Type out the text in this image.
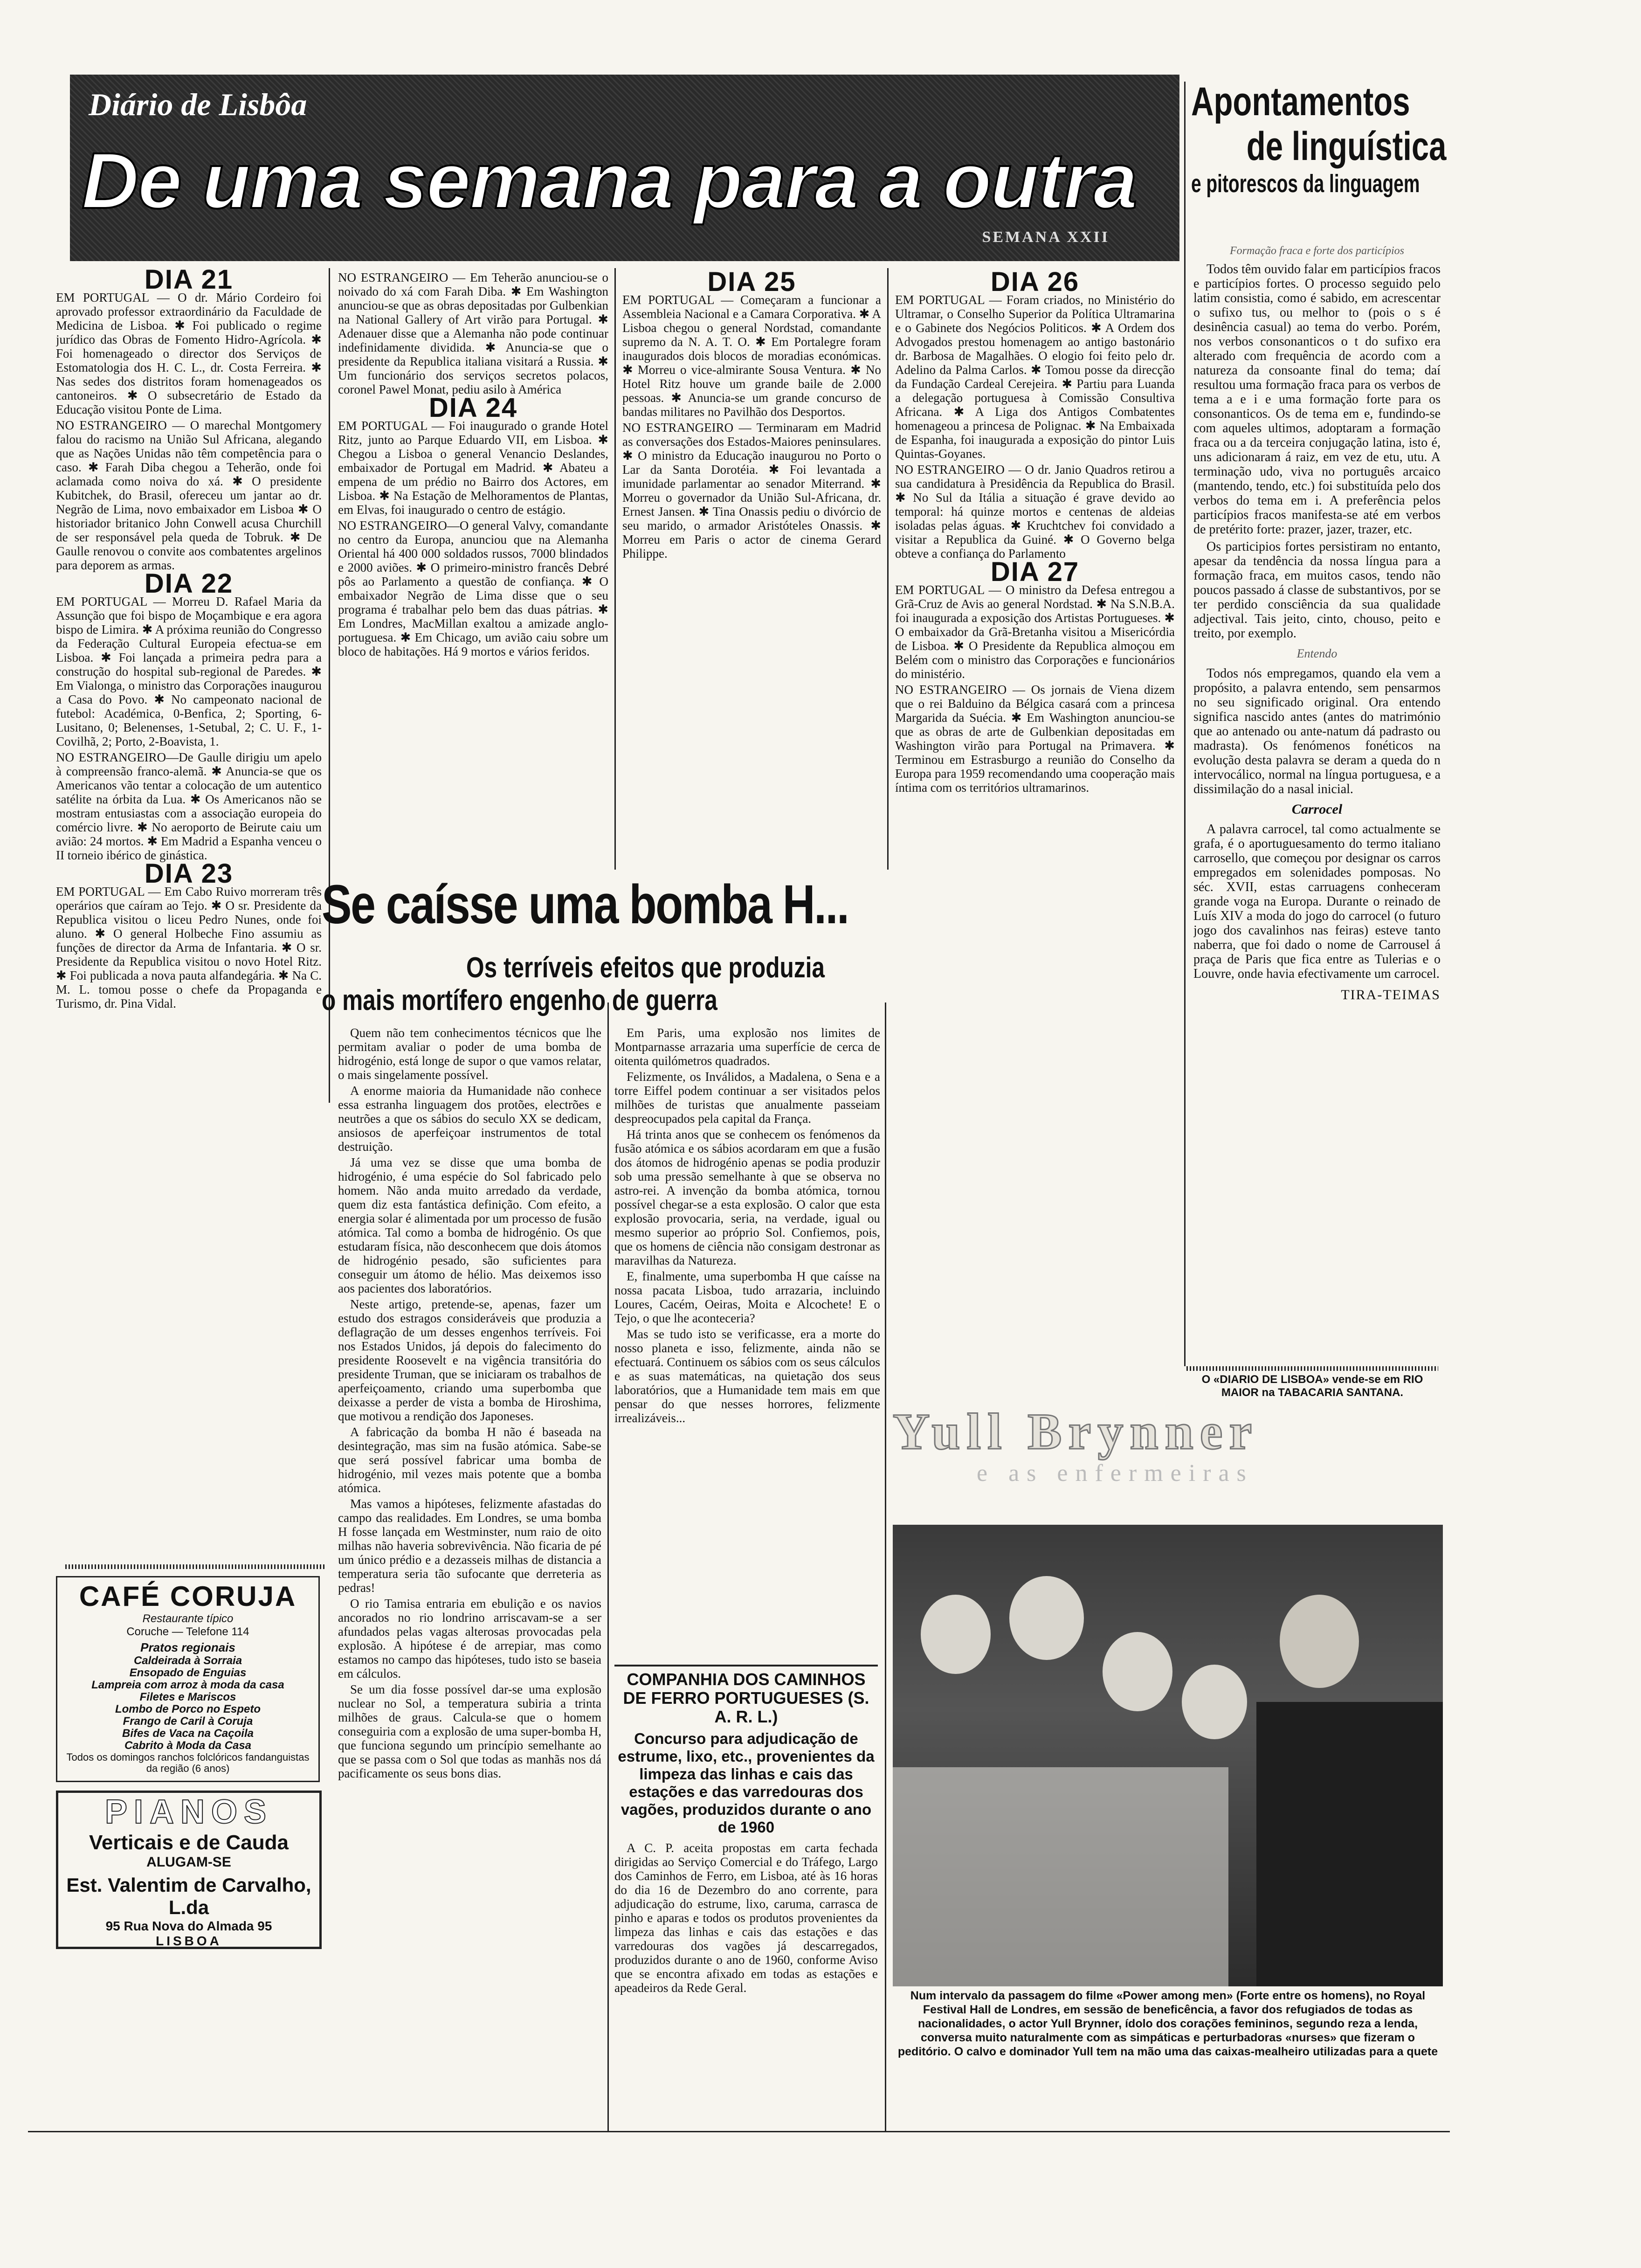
Diário de Lisbôa
De uma semana para a outra
SEMANA XXII
DIA 21

EM PORTUGAL — O dr. Mário Cordeiro foi aprovado professor extraordinário da Faculdade de Medicina de Lisboa. ✱ Foi publicado o regime jurídico das Obras de Fomento Hidro-Agrícola. ✱ Foi homenageado o director dos Serviços de Estomatologia dos H. C. L., dr. Costa Ferreira. ✱ Nas sedes dos distritos foram homenageados os cantoneiros. ✱ O subsecretário de Estado da Educação visitou Ponte de Lima.

NO ESTRANGEIRO — O marechal Montgomery falou do racismo na União Sul Africana, alegando que as Nações Unidas não têm competência para o caso. ✱ Farah Diba chegou a Teherão, onde foi aclamada como noiva do xá. ✱ O presidente Kubitchek, do Brasil, ofereceu um jantar ao dr. Negrão de Lima, novo embaixador em Lisboa ✱ O historiador britanico John Conwell acusa Churchill de ser responsável pela queda de Tobruk. ✱ De Gaulle renovou o convite aos combatentes argelinos para deporem as armas.

DIA 22

EM PORTUGAL — Morreu D. Rafael Maria da Assunção que foi bispo de Moçambique e era agora bispo de Limira. ✱ A próxima reunião do Congresso da Federação Cultural Europeia efectua-se em Lisboa. ✱ Foi lançada a primeira pedra para a construção do hospital sub-regional de Paredes. ✱ Em Vialonga, o ministro das Corporações inaugurou a Casa do Povo. ✱ No campeonato nacional de futebol: Académica, 0-Benfica, 2; Sporting, 6-Lusitano, 0; Belenenses, 1-Setubal, 2; C. U. F., 1-Covilhã, 2; Porto, 2-Boavista, 1.

NO ESTRANGEIRO—De Gaulle dirigiu um apelo à compreensão franco-alemã. ✱ Anuncia-se que os Americanos vão tentar a colocação de um autentico satélite na órbita da Lua. ✱ Os Americanos não se mostram entusiastas com a associação europeia do comércio livre. ✱ No aeroporto de Beirute caiu um avião: 24 mortos. ✱ Em Madrid a Espanha venceu o II torneio ibérico de ginástica.

DIA 23

EM PORTUGAL — Em Cabo Ruivo morreram três operários que caíram ao Tejo. ✱ O sr. Presidente da Republica visitou o liceu Pedro Nunes, onde foi aluno. ✱ O general Holbeche Fino assumiu as funções de director da Arma de Infantaria. ✱ O sr. Presidente da Republica visitou o novo Hotel Ritz. ✱ Foi publicada a nova pauta alfandegária. ✱ Na C. M. L. tomou posse o chefe da Propaganda e Turismo, dr. Pina Vidal.

CAFÉ CORUJA
Restaurante típico
Coruche — Telefone 114
Pratos regionais
Caldeirada à Sorraia
Ensopado de Enguias
Lampreia com arroz à moda da casa
Filetes e Mariscos
Lombo de Porco no Espeto
Frango de Caril à Coruja
Bifes de Vaca na Caçoila
Cabrito à Moda da Casa
Todos os domingos ranchos folclóricos fandanguistas da região (6 anos)
PIANOS
Verticais e de Cauda
ALUGAM-SE
Est. Valentim de Carvalho, L.da
95 Rua Nova do Almada 95
LISBOA

NO ESTRANGEIRO — Em Teherão anunciou-se o noivado do xá com Farah Diba. ✱ Em Washington anunciou-se que as obras depositadas por Gulbenkian na National Gallery of Art virão para Portugal. ✱ Adenauer disse que a Alemanha não pode continuar indefinidamente dividida. ✱ Anuncia-se que o presidente da Republica italiana visitará a Russia. ✱ Um funcionário dos serviços secretos polacos, coronel Pawel Monat, pediu asilo à América

DIA 24

EM PORTUGAL — Foi inaugurado o grande Hotel Ritz, junto ao Parque Eduardo VII, em Lisboa. ✱ Chegou a Lisboa o general Venancio Deslandes, embaixador de Portugal em Madrid. ✱ Abateu a empena de um prédio no Bairro dos Actores, em Lisboa. ✱ Na Estação de Melhoramentos de Plantas, em Elvas, foi inaugurado o centro de estágio.

NO ESTRANGEIRO—O general Valvy, comandante no centro da Europa, anunciou que na Alemanha Oriental há 400 000 soldados russos, 7000 blindados e 2000 aviões. ✱ O primeiro-ministro francês Debré pôs ao Parlamento a questão de confiança. ✱ O embaixador Negrão de Lima disse que o seu programa é trabalhar pelo bem das duas pátrias. ✱ Em Londres, MacMillan exaltou a amizade anglo-portuguesa. ✱ Em Chicago, um avião caiu sobre um bloco de habitações. Há 9 mortos e vários feridos.

DIA 25

EM PORTUGAL — Começaram a funcionar a Assembleia Nacional e a Camara Corporativa. ✱ A Lisboa chegou o general Nordstad, comandante supremo da N. A. T. O. ✱ Em Portalegre foram inaugurados dois blocos de moradias económicas. ✱ Morreu o vice-almirante Sousa Ventura. ✱ No Hotel Ritz houve um grande baile de 2.000 pessoas. ✱ Anuncia-se um grande concurso de bandas militares no Pavilhão dos Desportos.

NO ESTRANGEIRO — Terminaram em Madrid as conversações dos Estados-Maiores peninsulares. ✱ O ministro da Educação inaugurou no Porto o Lar da Santa Dorotéia. ✱ Foi levantada a imunidade parlamentar ao senador Miterrand. ✱ Morreu o governador da União Sul-Africana, dr. Ernest Jansen. ✱ Tina Onassis pediu o divórcio de seu marido, o armador Aristóteles Onassis. ✱ Morreu em Paris o actor de cinema Gerard Philippe.

DIA 26

EM PORTUGAL — Foram criados, no Ministério do Ultramar, o Conselho Superior da Política Ultramarina e o Gabinete dos Negócios Politicos. ✱ A Ordem dos Advogados prestou homenagem ao antigo bastonário dr. Barbosa de Magalhães. O elogio foi feito pelo dr. Adelino da Palma Carlos. ✱ Tomou posse da direcção da Fundação Cardeal Cerejeira. ✱ Partiu para Luanda a delegação portuguesa à Comissão Consultiva Africana. ✱ A Liga dos Antigos Combatentes homenageou a princesa de Polignac. ✱ Na Embaixada de Espanha, foi inaugurada a exposição do pintor Luis Quintas-Goyanes.

NO ESTRANGEIRO — O dr. Janio Quadros retirou a sua candidatura à Presidência da Republica do Brasil. ✱ No Sul da Itália a situação é grave devido ao temporal: há quinze mortos e centenas de aldeias isoladas pelas águas. ✱ Kruchtchev foi convidado a visitar a Republica da Guiné. ✱ O Governo belga obteve a confiança do Parlamento

DIA 27

EM PORTUGAL — O ministro da Defesa entregou a Grã-Cruz de Avis ao general Nordstad. ✱ Na S.N.B.A. foi inaugurada a exposição dos Artistas Portugueses. ✱ O embaixador da Grã-Bretanha visitou a Misericórdia de Lisboa. ✱ O Presidente da Republica almoçou em Belém com o ministro das Corporações e funcionários do ministério.

NO ESTRANGEIRO — Os jornais de Viena dizem que o rei Balduino da Bélgica casará com a princesa Margarida da Suécia. ✱ Em Washington anunciou-se que as obras de arte de Gulbenkian depositadas em Washington virão para Portugal na Primavera. ✱ Terminou em Estrasburgo a reunião do Conselho da Europa para 1959 recomendando uma cooperação mais íntima com os territórios ultramarinos.

Se caísse uma bomba H...
Os terríveis efeitos que produzia
o mais mortífero engenho de guerra

Quem não tem conhecimentos técnicos que lhe permitam avaliar o poder de uma bomba de hidrogénio, está longe de supor o que vamos relatar, o mais singelamente possível.

A enorme maioria da Humanidade não conhece essa estranha linguagem dos protões, electrões e neutrões a que os sábios do seculo XX se dedicam, ansiosos de aperfeiçoar instrumentos de total destruição.

Já uma vez se disse que uma bomba de hidrogénio, é uma espécie do Sol fabricado pelo homem. Não anda muito arredado da verdade, quem diz esta fantástica definição. Com efeito, a energia solar é alimentada por um processo de fusão atómica. Tal como a bomba de hidrogénio. Os que estudaram física, não desconhecem que dois átomos de hidrogénio pesado, são suficientes para conseguir um átomo de hélio. Mas deixemos isso aos pacientes dos laboratórios.

Neste artigo, pretende-se, apenas, fazer um estudo dos estragos consideráveis que produzia a deflagração de um desses engenhos terríveis. Foi nos Estados Unidos, já depois do falecimento do presidente Roosevelt e na vigência transitória do presidente Truman, que se iniciaram os trabalhos de aperfeiçoamento, criando uma superbomba que deixasse a perder de vista a bomba de Hiroshima, que motivou a rendição dos Japoneses.

A fabricação da bomba H não é baseada na desintegração, mas sim na fusão atómica. Sabe-se que será possível fabricar uma bomba de hidrogénio, mil vezes mais potente que a bomba atómica.

Mas vamos a hipóteses, felizmente afastadas do campo das realidades. Em Londres, se uma bomba H fosse lançada em Westminster, num raio de oito milhas não haveria sobrevivência. Não ficaria de pé um único prédio e a dezasseis milhas de distancia a temperatura seria tão sufocante que derreteria as pedras!

O rio Tamisa entraria em ebulição e os navios ancorados no rio londrino arriscavam-se a ser afundados pelas vagas alterosas provocadas pela explosão. A hipótese é de arrepiar, mas como estamos no campo das hipóteses, tudo isto se baseia em cálculos.

Se um dia fosse possível dar-se uma explosão nuclear no Sol, a temperatura subiria a trinta milhões de graus. Calcula-se que o homem conseguiria com a explosão de uma super-bomba H, que funciona segundo um princípio semelhante ao que se passa com o Sol que todas as manhãs nos dá pacificamente os seus bons dias.

Em Paris, uma explosão nos limites de Montparnasse arrazaria uma superfície de cerca de oitenta quilómetros quadrados.

Felizmente, os Inválidos, a Madalena, o Sena e a torre Eiffel podem continuar a ser visitados pelos milhões de turistas que anualmente passeiam despreocupados pela capital da França.

Há trinta anos que se conhecem os fenómenos da fusão atómica e os sábios acordaram em que a fusão dos átomos de hidrogénio apenas se podia produzir sob uma pressão semelhante à que se observa no astro-rei. A invenção da bomba atómica, tornou possível chegar-se a esta explosão. O calor que esta explosão provocaria, seria, na verdade, igual ou mesmo superior ao próprio Sol. Confiemos, pois, que os homens de ciência não consigam destronar as maravilhas da Natureza.

E, finalmente, uma superbomba H que caísse na nossa pacata Lisboa, tudo arrazaria, incluindo Loures, Cacém, Oeiras, Moita e Alcochete! E o Tejo, o que lhe aconteceria?

Mas se tudo isto se verificasse, era a morte do nosso planeta e isso, felizmente, ainda não se efectuará. Continuem os sábios com os seus cálculos e as suas matemáticas, na quietação dos seus laboratórios, que a Humanidade tem mais em que pensar do que nesses horrores, felizmente irrealizáveis...

COMPANHIA DOS CAMINHOS DE FERRO PORTUGUESES (S. A. R. L.)
Concurso para adjudicação de estrume, lixo, etc., provenientes da limpeza das linhas e cais das estações e das varredouras dos vagões, produzidos durante o ano de 1960
A C. P. aceita propostas em carta fechada dirigidas ao Serviço Comercial e do Tráfego, Largo dos Caminhos de Ferro, em Lisboa, até às 16 horas do dia 16 de Dezembro do ano corrente, para adjudicação do estrume, lixo, caruma, carrasca de pinho e aparas e todos os produtos provenientes da limpeza das linhas e cais das estações e das varredouras dos vagões já descarregados, produzidos durante o ano de 1960, conforme Aviso que se encontra afixado em todas as estações e apeadeiros da Rede Geral.
Apontamentos
de linguística
e pitorescos da linguagem
Formação fraca e forte dos particípios

Todos têm ouvido falar em particípios fracos e particípios fortes. O processo seguido pelo latim consistia, como é sabido, em acrescentar o sufixo tus, ou melhor to (pois o s é desinência casual) ao tema do verbo. Porém, nos verbos consonanticos o t do sufixo era alterado com frequência de acordo com a natureza da consoante final do tema; daí resultou uma formação fraca para os verbos de tema a e i e uma formação forte para os consonanticos. Os de tema em e, fundindo-se com aqueles ultimos, adoptaram a formação fraca ou a da terceira conjugação latina, isto é, uns adicionaram á raiz, em vez de etu, utu. A terminação udo, viva no português arcaico (mantendo, tendo, etc.) foi substituída pelo dos verbos do tema em i. A preferência pelos particípios fracos manifesta-se até em verbos de pretérito forte: prazer, jazer, trazer, etc.

Os participios fortes persistiram no entanto, apesar da tendência da nossa língua para a formação fraca, em muitos casos, tendo não poucos passado á classe de substantivos, por se ter perdido consciência da sua qualidade adjectival. Tais jeito, cinto, chouso, peito e treito, por exemplo.

Entendo

Todos nós empregamos, quando ela vem a propósito, a palavra entendo, sem pensarmos no seu significado original. Ora entendo significa nascido antes (antes do matrimónio que ao antenado ou ante-natum dá padrasto ou madrasta). Os fenómenos fonéticos na evolução desta palavra se deram a queda do n intervocálico, normal na língua portuguesa, e a dissimilação do a nasal inicial.

Carrocel

A palavra carrocel, tal como actualmente se grafa, é o aportuguesamento do termo italiano carrosello, que começou por designar os carros empregados em solenidades pomposas. No séc. XVII, estas carruagens conheceram grande voga na Europa. Durante o reinado de Luís XIV a moda do jogo do carrocel (o futuro jogo dos cavalinhos nas feiras) esteve tanto naberra, que foi dado o nome de Carrousel á praça de Paris que fica entre as Tulerias e o Louvre, onde havia efectivamente um carrocel.

TIRA-TEIMAS
O «DIARIO DE LISBOA» vende-se em RIO MAIOR na TABACARIA SANTANA.
Yull Brynner
e as enfermeiras
Num intervalo da passagem do filme «Power among men» (Forte entre os homens), no Royal Festival Hall de Londres, em sessão de beneficência, a favor dos refugiados de todas as nacionalidades, o actor Yull Brynner, ídolo dos corações femininos, segundo reza a lenda, conversa muito naturalmente com as simpáticas e perturbadoras «nurses» que fizeram o peditório. O calvo e dominador Yull tem na mão uma das caixas-mealheiro utilizadas para a quete
